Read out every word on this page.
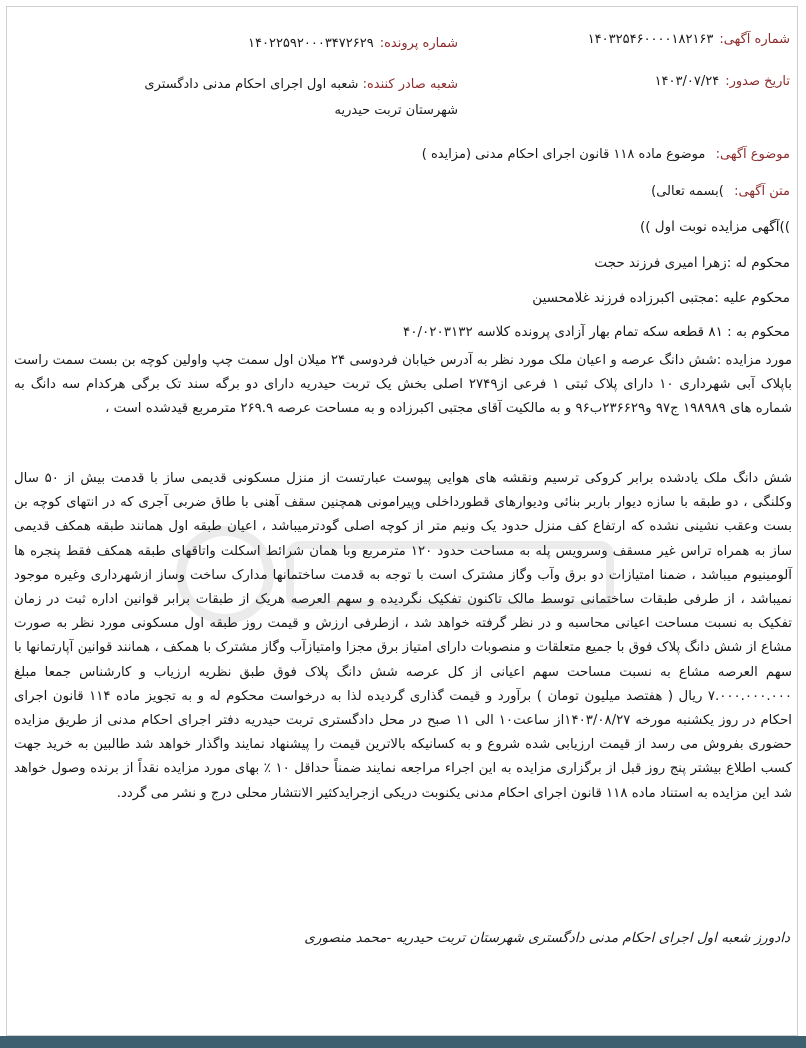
شماره آگهی:۱۴۰۳۲۵۴۶۰۰۰۰۱۸۲۱۶۳
شماره پرونده:۱۴۰۲۲۵۹۲۰۰۰۳۴۷۲۶۲۹
تاریخ صدور:۱۴۰۳/۰۷/۲۴
شعبه صادر کننده: شعبه اول اجرای احکام مدنی دادگستری شهرستان تربت حیدریه
موضوع آگهی: موضوع ماده ۱۱۸ قانون اجرای احکام مدنی (مزایده )
متن آگهی: )بسمه تعالی)
))آگهی مزایده نوبت اول ))
محکوم له :زهرا امیری فرزند حجت
محکوم علیه :مجتبی اکبرزاده فرزند غلامحسین
محکوم به : ۸۱ قطعه سکه تمام بهار آزادی پرونده کلاسه ۴۰/۰۲۰۳۱۳۲

مورد مزایده :شش دانگ عرصه و اعیان ملک مورد نظر به آدرس خیابان فردوسی ۲۴ میلان اول سمت چپ واولین کوچه بن بست سمت راست باپلاک آبی شهرداری ۱۰ دارای پلاک ثبتی ۱ فرعی از۲۷۴۹ اصلی بخش یک تربت حیدریه دارای دو برگه سند تک برگی هرکدام سه دانگ به شماره های ۱۹۸۹۸۹ ج۹۷ و۲۳۶۶۲۹ب۹۶ و به مالکیت آقای مجتبی اکبرزاده و به مساحت عرصه ۲۶۹.۹ مترمربع قیدشده است ،

شش دانگ ملک یادشده برابر کروکی ترسیم ونقشه های هوایی پیوست عبارتست از منزل مسکونی قدیمی ساز با قدمت بیش از ۵۰ سال وکلنگی ، دو طبقه با سازه دیوار باربر بنائی ودیوارهای قطورداخلی وپیرامونی همچنین سقف آهنی با طاق ضربی آجری که در انتهای کوچه بن بست وعقب نشینی نشده که ارتفاع کف منزل حدود یک ونیم متر از کوچه اصلی گودترمیباشد ، اعیان طبقه اول همانند طبقه همکف قدیمی ساز به همراه تراس غیر مسقف وسرویس پله به مساحت حدود ۱۲۰ مترمربع وبا همان شرائط اسکلت واتاقهای طبقه همکف فقط پنجره ها آلومینیوم میباشد ، ضمنا امتیازات دو برق وآب وگاز مشترک است با توجه به قدمت ساختمانها مدارک ساخت وساز ازشهرداری وغیره موجود نمیباشد ، از طرفی طبقات ساختمانی توسط مالک تاکنون تفکیک نگردیده و سهم العرصه هریک از طبقات برابر قوانین اداره ثبت در زمان تفکیک به نسبت مساحت اعیانی محاسبه و در نظر گرفته خواهد شد ، ازطرفی ارزش و قیمت روز طبقه اول مسکونی مورد نظر به صورت مشاع از شش دانگ پلاک فوق با جمیع متعلقات و منصوبات دارای امتیاز برق مجزا وامتیازآب وگاز مشترک با همکف ، همانند قوانین آپارتمانها با سهم العرصه مشاع به نسبت مساحت سهم اعیانی از کل عرصه شش دانگ پلاک فوق طبق نظریه ارزیاب و کارشناس جمعا مبلغ ۷.۰۰۰.۰۰۰.۰۰۰ ریال ( هفتصد میلیون تومان ) برآورد و قیمت گذاری گردیده لذا به درخواست محکوم له و به تجویز ماده ۱۱۴ قانون اجرای احکام در روز یکشنبه مورخه ۱۴۰۳/۰۸/۲۷از ساعت۱۰ الی ۱۱ صبح در محل دادگستری تربت حیدریه دفتر اجرای احکام مدنی از طریق مزایده حضوری بفروش می رسد از قیمت ارزیابی شده شروع و به کسانیکه بالاترین قیمت را پیشنهاد نمایند واگذار خواهد شد طالبین به خرید جهت کسب اطلاع بیشتر پنج روز قبل از برگزاری مزایده به این اجراء مراجعه نمایند ضمناً حداقل ۱۰ ٪ بهای مورد مزایده نقداً از برنده وصول خواهد شد این مزایده به استناد ماده ۱۱۸ قانون اجرای احکام مدنی یکنوبت دریکی ازجرایدکثیر الانتشار محلی درج و نشر می گردد.

دادورز شعبه اول اجرای احکام مدنی دادگستری شهرستان تربت حیدریه -محمد منصوری
